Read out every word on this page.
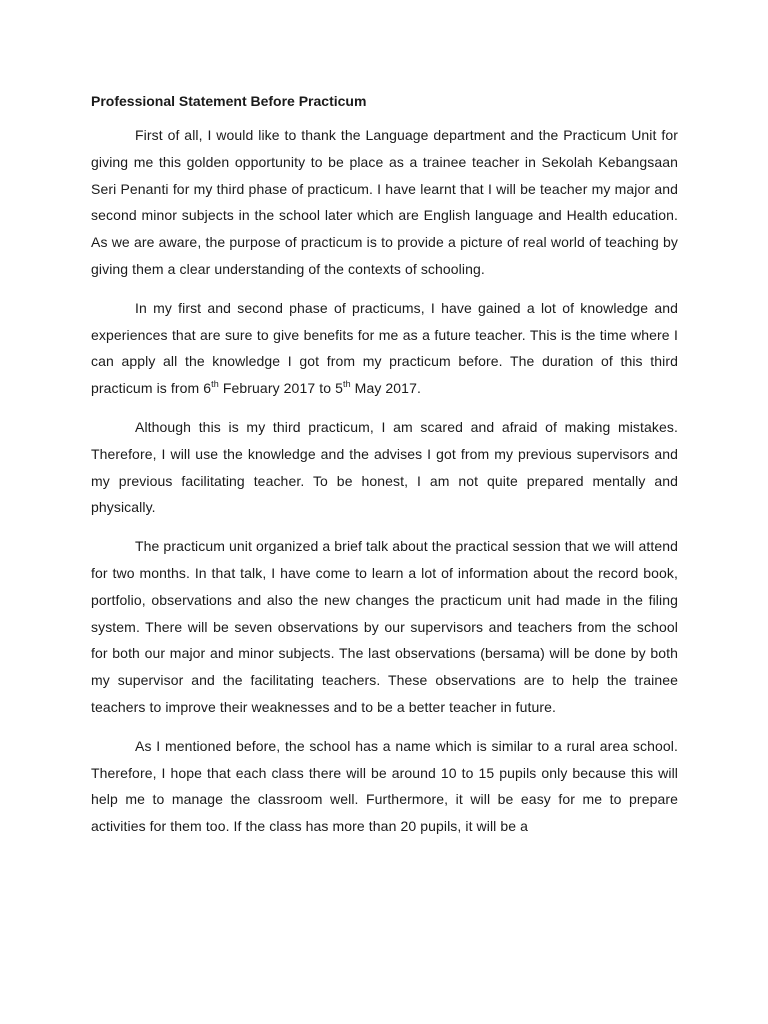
Professional Statement Before Practicum

First of all, I would like to thank the Language department and the Practicum Unit for giving me this golden opportunity to be place as a trainee teacher in Sekolah Kebangsaan Seri Penanti for my third phase of practicum. I have learnt that I will be teacher my major and second minor subjects in the school later which are English language and Health education. As we are aware, the purpose of practicum is to provide a picture of real world of teaching by giving them a clear understanding of the contexts of schooling.

In my first and second phase of practicums, I have gained a lot of knowledge and experiences that are sure to give benefits for me as a future teacher. This is the time where I can apply all the knowledge I got from my practicum before. The duration of this third practicum is from 6th February 2017 to 5th May 2017.

Although this is my third practicum, I am scared and afraid of making mistakes. Therefore, I will use the knowledge and the advises I got from my previous supervisors and my previous facilitating teacher. To be honest, I am not quite prepared mentally and physically.

The practicum unit organized a brief talk about the practical session that we will attend for two months. In that talk, I have come to learn a lot of information about the record book, portfolio, observations and also the new changes the practicum unit had made in the filing system. There will be seven observations by our supervisors and teachers from the school for both our major and minor subjects. The last observations (bersama) will be done by both my supervisor and the facilitating teachers. These observations are to help the trainee teachers to improve their weaknesses and to be a better teacher in future.

As I mentioned before, the school has a name which is similar to a rural area school. Therefore, I hope that each class there will be around 10 to 15 pupils only because this will help me to manage the classroom well. Furthermore, it will be easy for me to prepare activities for them too. If the class has more than 20 pupils, it will be a
